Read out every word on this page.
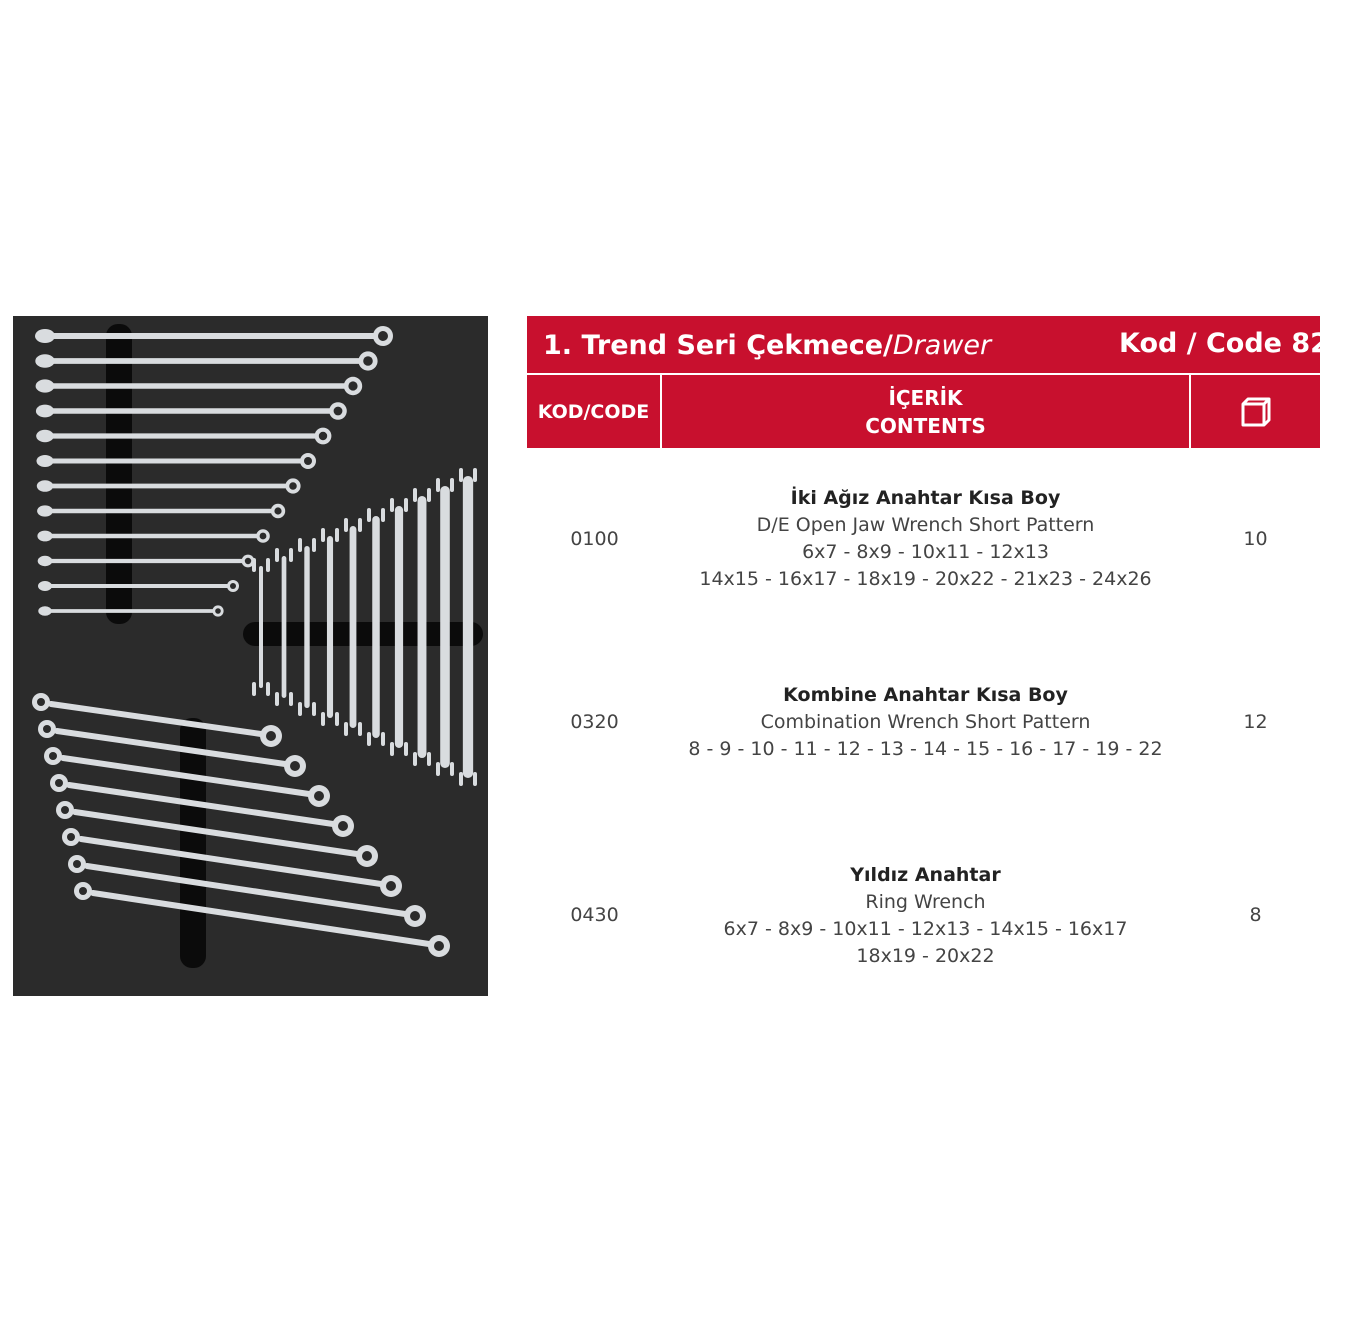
1. Trend Seri Çekmece/Drawer	Kod / Code 824
KOD/CODE
İÇERİK
CONTENTS
0100
İki Ağız Anahtar Kısa Boy
D/E Open Jaw Wrench Short Pattern
6x7 - 8x9 - 10x11 - 12x13
14x15 - 16x17 - 18x19 - 20x22 - 21x23 - 24x26
10
0320
Kombine Anahtar Kısa Boy
Combination Wrench Short Pattern
8 - 9 - 10 - 11 - 12 - 13 - 14 - 15 - 16 - 17 - 19 - 22
12
0430
Yıldız Anahtar
Ring Wrench
6x7 - 8x9 - 10x11 - 12x13 - 14x15 - 16x17
18x19 - 20x22
8
